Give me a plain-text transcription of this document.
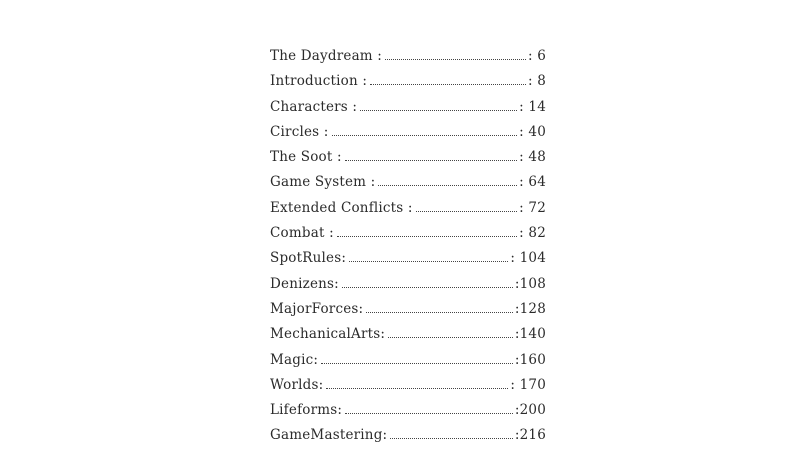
The Daydream :	: 6
Introduction :	: 8
Characters :	: 14
Circles :	: 40
The Soot :	: 48
Game System :	: 64
Extended Conflicts :	: 72
Combat :	: 82
SpotRules:	: 104
Denizens:	:108
MajorForces:	:128
MechanicalArts:	:140
Magic:	:160
Worlds:	: 170
Lifeforms:	:200
GameMastering:	:216
